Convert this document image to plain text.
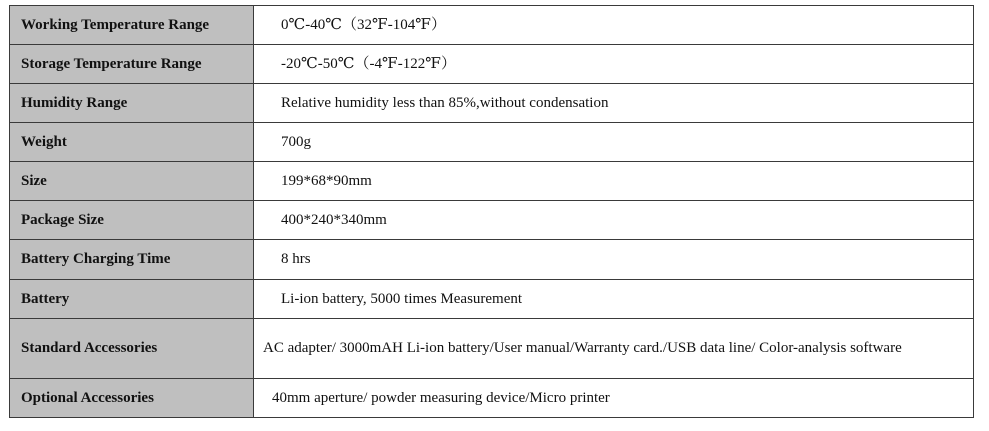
Working Temperature Range	0℃-40℃（32℉-104℉）
Storage Temperature Range	-20℃-50℃（-4℉-122℉）
Humidity Range	Relative humidity less than 85%,without condensation
Weight	700g
Size	199*68*90mm
Package Size	400*240*340mm
Battery Charging Time	8 hrs
Battery	Li-ion battery, 5000 times Measurement
Standard Accessories	AC adapter/ 3000mAH Li-ion battery/User manual/Warranty card./USB data line/ Color-analysis software
Optional Accessories	40mm aperture/ powder measuring device/Micro printer
